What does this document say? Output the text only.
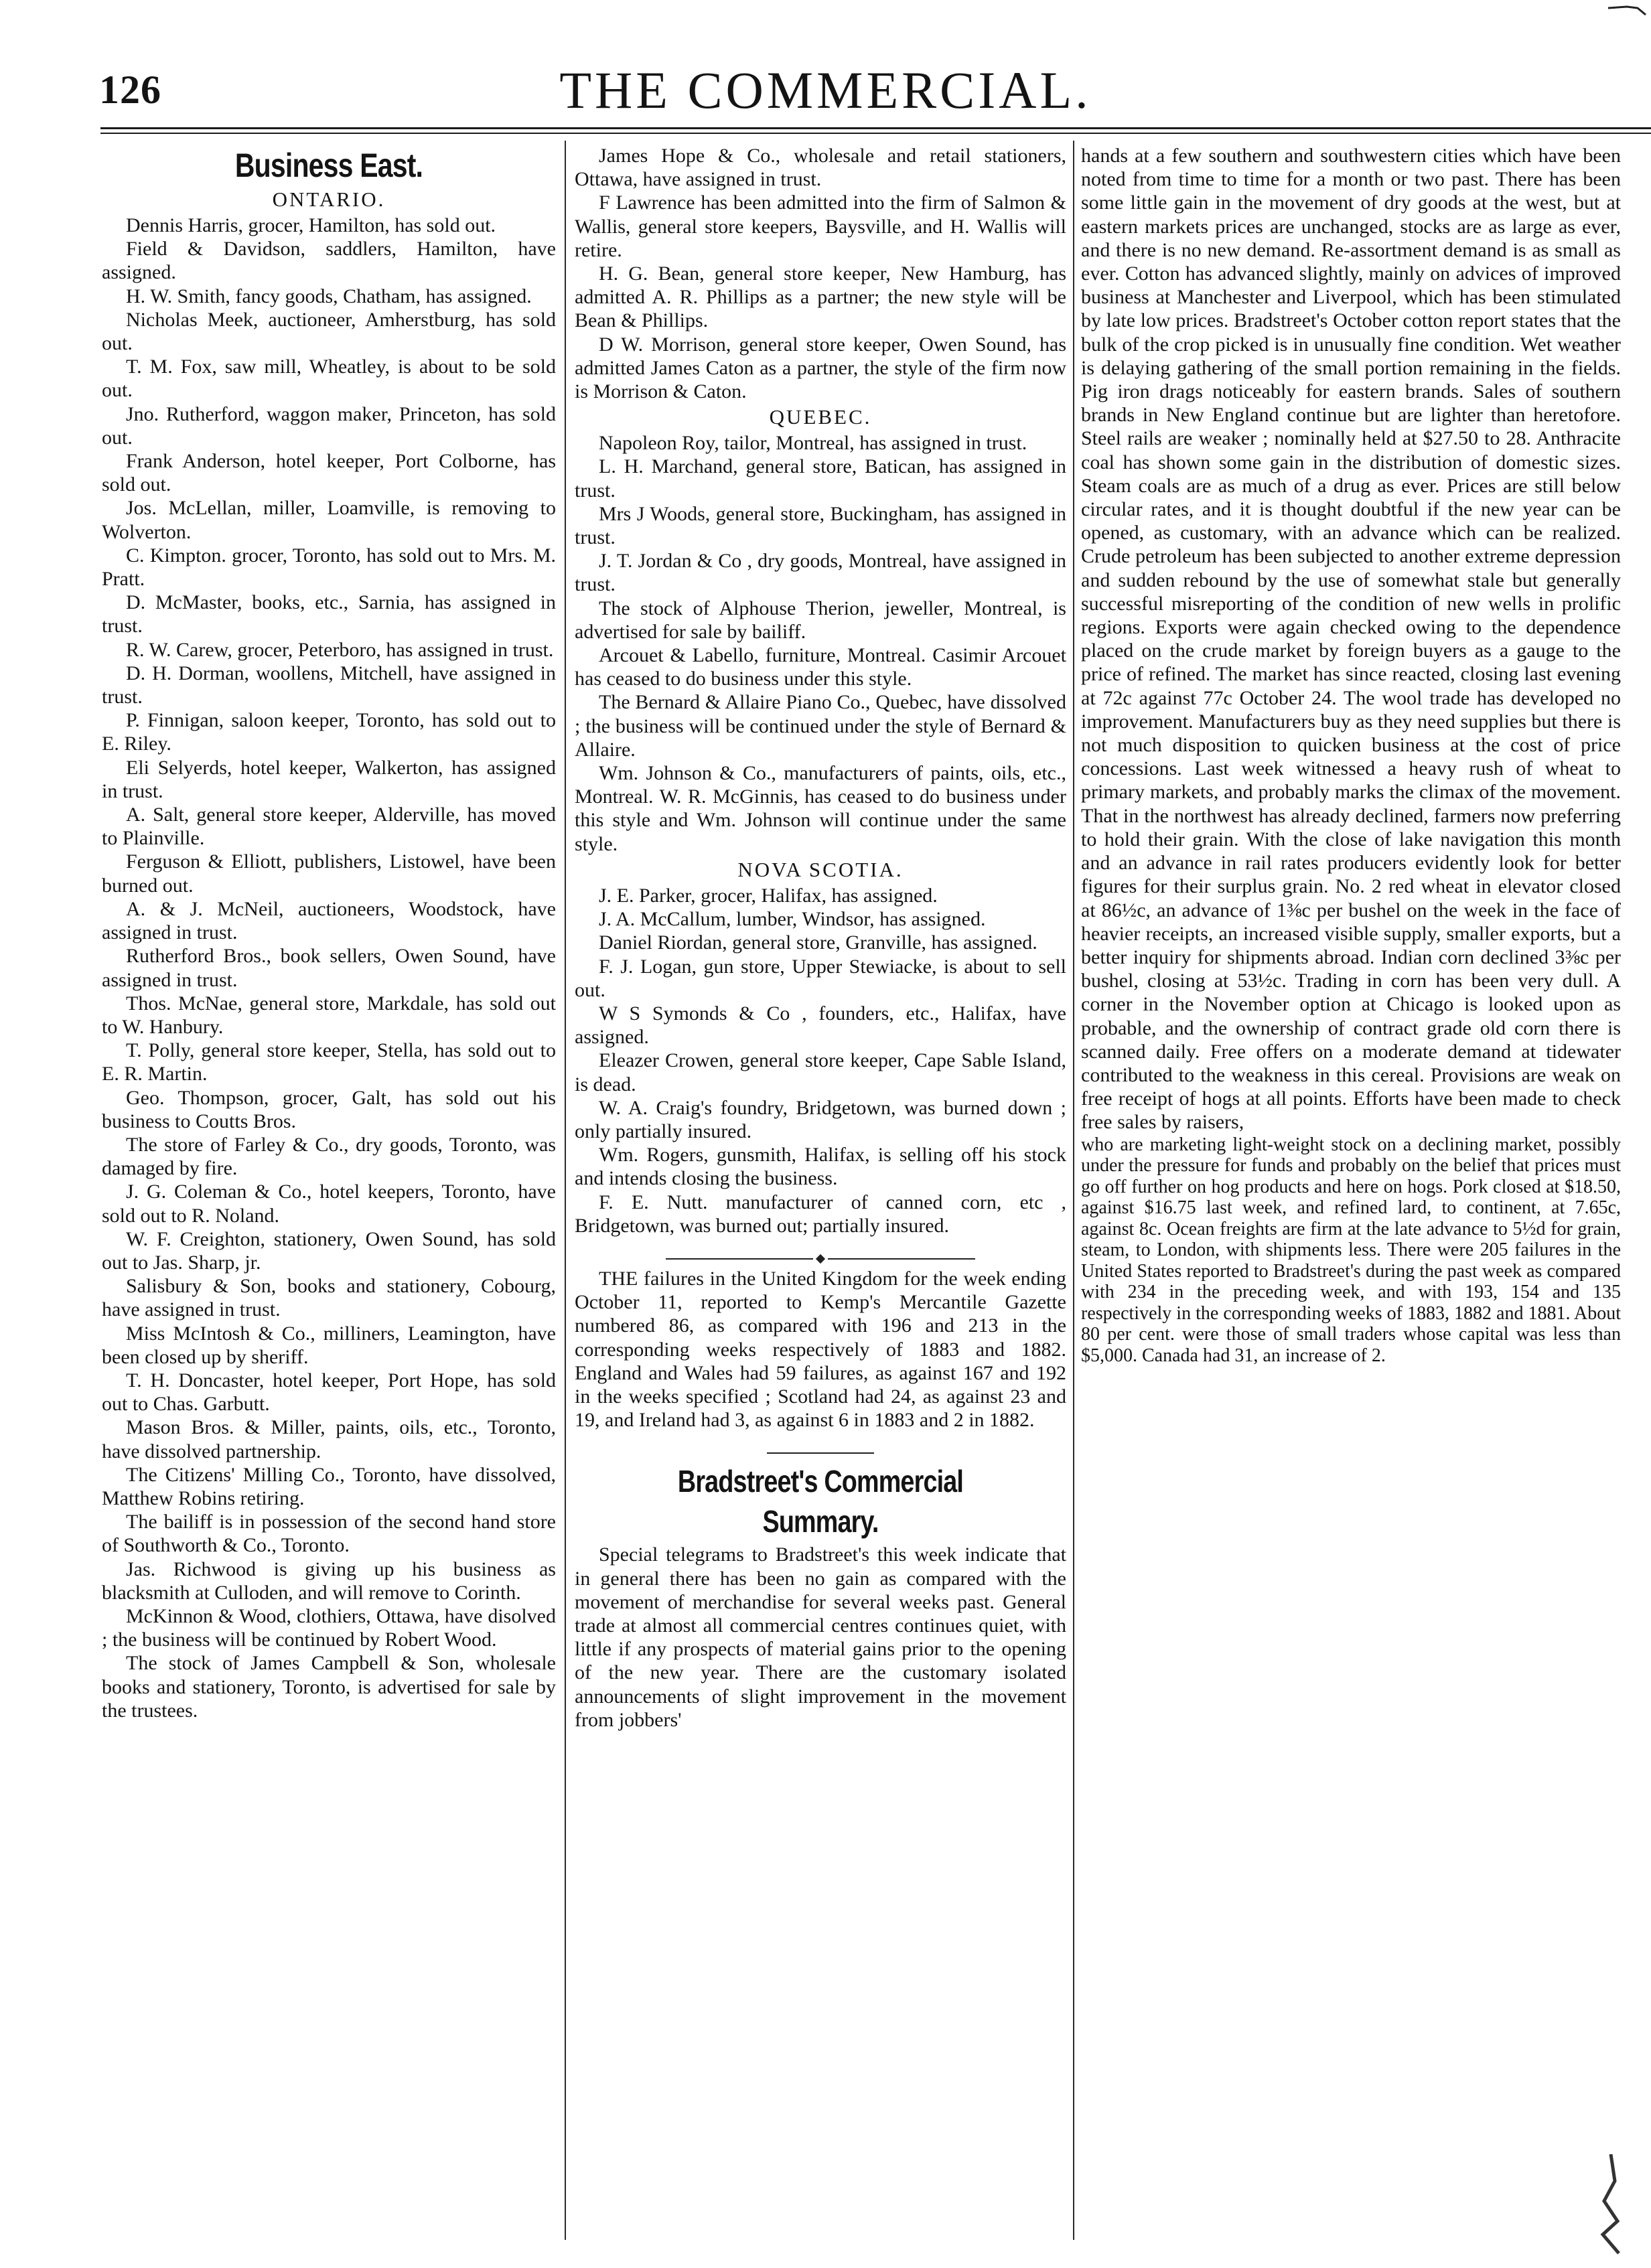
126	THE COMMERCIAL.
Business East.
ONTARIO.

Dennis Harris, grocer, Hamilton, has sold out.

Field & Davidson, saddlers, Hamilton, have assigned.

H. W. Smith, fancy goods, Chatham, has assigned.

Nicholas Meek, auctioneer, Amherstburg, has sold out.

T. M. Fox, saw mill, Wheatley, is about to be sold out.

Jno. Rutherford, waggon maker, Princeton, has sold out.

Frank Anderson, hotel keeper, Port Colborne, has sold out.

Jos. McLellan, miller, Loamville, is removing to Wolverton.

C. Kimpton. grocer, Toronto, has sold out to Mrs. M. Pratt.

D. McMaster, books, etc., Sarnia, has assigned in trust.

R. W. Carew, grocer, Peterboro, has assigned in trust.

D. H. Dorman, woollens, Mitchell, have assigned in trust.

P. Finnigan, saloon keeper, Toronto, has sold out to E. Riley.

Eli Selyerds, hotel keeper, Walkerton, has assigned in trust.

A. Salt, general store keeper, Alderville, has moved to Plainville.

Ferguson & Elliott, publishers, Listowel, have been burned out.

A. & J. McNeil, auctioneers, Woodstock, have assigned in trust.

Rutherford Bros., book sellers, Owen Sound, have assigned in trust.

Thos. McNae, general store, Markdale, has sold out to W. Hanbury.

T. Polly, general store keeper, Stella, has sold out to E. R. Martin.

Geo. Thompson, grocer, Galt, has sold out his business to Coutts Bros.

The store of Farley & Co., dry goods, Toronto, was damaged by fire.

J. G. Coleman & Co., hotel keepers, Toronto, have sold out to R. Noland.

W. F. Creighton, stationery, Owen Sound, has sold out to Jas. Sharp, jr.

Salisbury & Son, books and stationery, Cobourg, have assigned in trust.

Miss McIntosh & Co., milliners, Leamington, have been closed up by sheriff.

T. H. Doncaster, hotel keeper, Port Hope, has sold out to Chas. Garbutt.

Mason Bros. & Miller, paints, oils, etc., Toronto, have dissolved partnership.

The Citizens' Milling Co., Toronto, have dissolved, Matthew Robins retiring.

The bailiff is in possession of the second hand store of Southworth & Co., Toronto.

Jas. Richwood is giving up his business as blacksmith at Culloden, and will remove to Corinth.

McKinnon & Wood, clothiers, Ottawa, have disolved ; the business will be continued by Robert Wood.

The stock of James Campbell & Son, wholesale books and stationery, Toronto, is advertised for sale by the trustees.

James Hope & Co., wholesale and retail stationers, Ottawa, have assigned in trust.

F Lawrence has been admitted into the firm of Salmon & Wallis, general store keepers, Baysville, and H. Wallis will retire.

H. G. Bean, general store keeper, New Hamburg, has admitted A. R. Phillips as a partner; the new style will be Bean & Phillips.

D W. Morrison, general store keeper, Owen Sound, has admitted James Caton as a partner, the style of the firm now is Morrison & Caton.

QUEBEC.

Napoleon Roy, tailor, Montreal, has assigned in trust.

L. H. Marchand, general store, Batican, has assigned in trust.

Mrs J Woods, general store, Buckingham, has assigned in trust.

J. T. Jordan & Co , dry goods, Montreal, have assigned in trust.

The stock of Alphouse Therion, jeweller, Montreal, is advertised for sale by bailiff.

Arcouet & Labello, furniture, Montreal. Casimir Arcouet has ceased to do business under this style.

The Bernard & Allaire Piano Co., Quebec, have dissolved ; the business will be continued under the style of Bernard & Allaire.

Wm. Johnson & Co., manufacturers of paints, oils, etc., Montreal. W. R. McGinnis, has ceased to do business under this style and Wm. Johnson will continue under the same style.

NOVA SCOTIA.

J. E. Parker, grocer, Halifax, has assigned.

J. A. McCallum, lumber, Windsor, has assigned.

Daniel Riordan, general store, Granville, has assigned.

F. J. Logan, gun store, Upper Stewiacke, is about to sell out.

W S Symonds & Co , founders, etc., Halifax, have assigned.

Eleazer Crowen, general store keeper, Cape Sable Island, is dead.

W. A. Craig's foundry, Bridgetown, was burned down ; only partially insured.

Wm. Rogers, gunsmith, Halifax, is selling off his stock and intends closing the business.

F. E. Nutt. manufacturer of canned corn, etc , Bridgetown, was burned out; partially insured.

THE failures in the United Kingdom for the week ending October 11, reported to Kemp's Mercantile Gazette numbered 86, as compared with 196 and 213 in the corresponding weeks respectively of 1883 and 1882. England and Wales had 59 failures, as against 167 and 192 in the weeks specified ; Scotland had 24, as against 23 and 19, and Ireland had 3, as against 6 in 1883 and 2 in 1882.

Bradstreet's Commercial Summary.

Special telegrams to Bradstreet's this week indicate that in general there has been no gain as compared with the movement of merchandise for several weeks past. General trade at almost all commercial centres continues quiet, with little if any prospects of material gains prior to the opening of the new year. There are the customary isolated announcements of slight improvement in the movement from jobbers'

hands at a few southern and southwestern cities which have been noted from time to time for a month or two past. There has been some little gain in the movement of dry goods at the west, but at eastern markets prices are unchanged, stocks are as large as ever, and there is no new demand. Re-assortment demand is as small as ever. Cotton has advanced slightly, mainly on advices of improved business at Manchester and Liverpool, which has been stimulated by late low prices. Bradstreet's October cotton report states that the bulk of the crop picked is in unusually fine condition. Wet weather is delaying gathering of the small portion remaining in the fields. Pig iron drags noticeably for eastern brands. Sales of southern brands in New England continue but are lighter than heretofore. Steel rails are weaker ; nominally held at $27.50 to 28. Anthracite coal has shown some gain in the distribution of domestic sizes. Steam coals are as much of a drug as ever. Prices are still below circular rates, and it is thought doubtful if the new year can be opened, as customary, with an advance which can be realized. Crude petroleum has been subjected to another extreme depression and sudden rebound by the use of somewhat stale but generally successful misreporting of the condition of new wells in prolific regions. Exports were again checked owing to the dependence placed on the crude market by foreign buyers as a gauge to the price of refined. The market has since reacted, closing last evening at 72c against 77c October 24. The wool trade has developed no improvement. Manufacturers buy as they need supplies but there is not much disposition to quicken business at the cost of price concessions. Last week witnessed a heavy rush of wheat to primary markets, and probably marks the climax of the movement. That in the northwest has already declined, farmers now preferring to hold their grain. With the close of lake navigation this month and an advance in rail rates producers evidently look for better figures for their surplus grain. No. 2 red wheat in elevator closed at 86½c, an advance of 1⅜c per bushel on the week in the face of heavier receipts, an increased visible supply, smaller exports, but a better inquiry for shipments abroad. Indian corn declined 3⅜c per bushel, closing at 53½c. Trading in corn has been very dull. A corner in the November option at Chicago is looked upon as probable, and the ownership of contract grade old corn there is scanned daily. Free offers on a moderate demand at tidewater contributed to the weakness in this cereal. Provisions are weak on free receipt of hogs at all points. Efforts have been made to check free sales by raisers,

who are marketing light-weight stock on a declining market, possibly under the pressure for funds and probably on the belief that prices must go off further on hog products and here on hogs. Pork closed at $18.50, against $16.75 last week, and refined lard, to continent, at 7.65c, against 8c. Ocean freights are firm at the late advance to 5½d for grain, steam, to London, with shipments less. There were 205 failures in the United States reported to Bradstreet's during the past week as compared with 234 in the preceding week, and with 193, 154 and 135 respectively in the corresponding weeks of 1883, 1882 and 1881. About 80 per cent. were those of small traders whose capital was less than $5,000. Canada had 31, an increase of 2.
